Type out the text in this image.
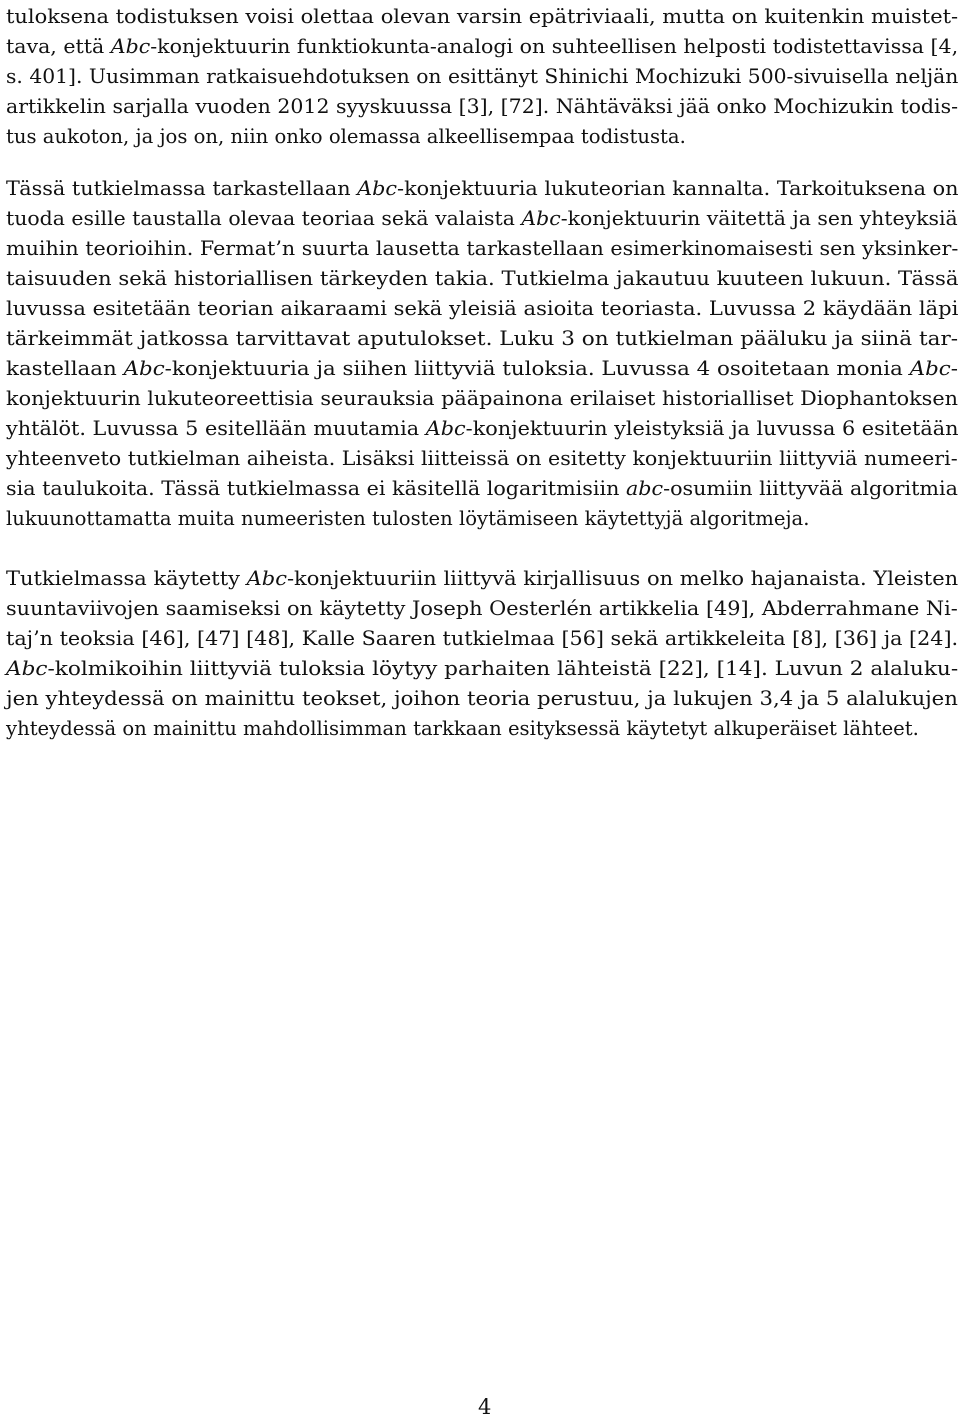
tuloksena todistuksen voisi olettaa olevan varsin epätriviaali, mutta on kuitenkin muistet-
tava, että Abc-konjektuurin funktiokunta-analogi on suhteellisen helposti todistettavissa [4,
s. 401]. Uusimman ratkaisuehdotuksen on esittänyt Shinichi Mochizuki 500-sivuisella neljän
artikkelin sarjalla vuoden 2012 syyskuussa [3], [72]. Nähtäväksi jää onko Mochizukin todis-
tus aukoton, ja jos on, niin onko olemassa alkeellisempaa todistusta.
Tässä tutkielmassa tarkastellaan Abc-konjektuuria lukuteorian kannalta. Tarkoituksena on
tuoda esille taustalla olevaa teoriaa sekä valaista Abc-konjektuurin väitettä ja sen yhteyksiä
muihin teorioihin. Fermat’n suurta lausetta tarkastellaan esimerkinomaisesti sen yksinker-
taisuuden sekä historiallisen tärkeyden takia. Tutkielma jakautuu kuuteen lukuun. Tässä
luvussa esitetään teorian aikaraami sekä yleisiä asioita teoriasta. Luvussa 2 käydään läpi
tärkeimmät jatkossa tarvittavat aputulokset. Luku 3 on tutkielman pääluku ja siinä tar-
kastellaan Abc-konjektuuria ja siihen liittyviä tuloksia. Luvussa 4 osoitetaan monia Abc-
konjektuurin lukuteoreettisia seurauksia pääpainona erilaiset historialliset Diophantoksen
yhtälöt. Luvussa 5 esitellään muutamia Abc-konjektuurin yleistyksiä ja luvussa 6 esitetään
yhteenveto tutkielman aiheista. Lisäksi liitteissä on esitetty konjektuuriin liittyviä numeeri-
sia taulukoita. Tässä tutkielmassa ei käsitellä logaritmisiin abc-osumiin liittyvää algoritmia
lukuunottamatta muita numeeristen tulosten löytämiseen käytettyjä algoritmeja.
Tutkielmassa käytetty Abc-konjektuuriin liittyvä kirjallisuus on melko hajanaista. Yleisten
suuntaviivojen saamiseksi on käytetty Joseph Oesterlén artikkelia [49], Abderrahmane Ni-
taj’n teoksia [46], [47] [48], Kalle Saaren tutkielmaa [56] sekä artikkeleita [8], [36] ja [24].
Abc-kolmikoihin liittyviä tuloksia löytyy parhaiten lähteistä [22], [14]. Luvun 2 alaluku-
jen yhteydessä on mainittu teokset, joihon teoria perustuu, ja lukujen 3,4 ja 5 alalukujen
yhteydessä on mainittu mahdollisimman tarkkaan esityksessä käytetyt alkuperäiset lähteet.
4
